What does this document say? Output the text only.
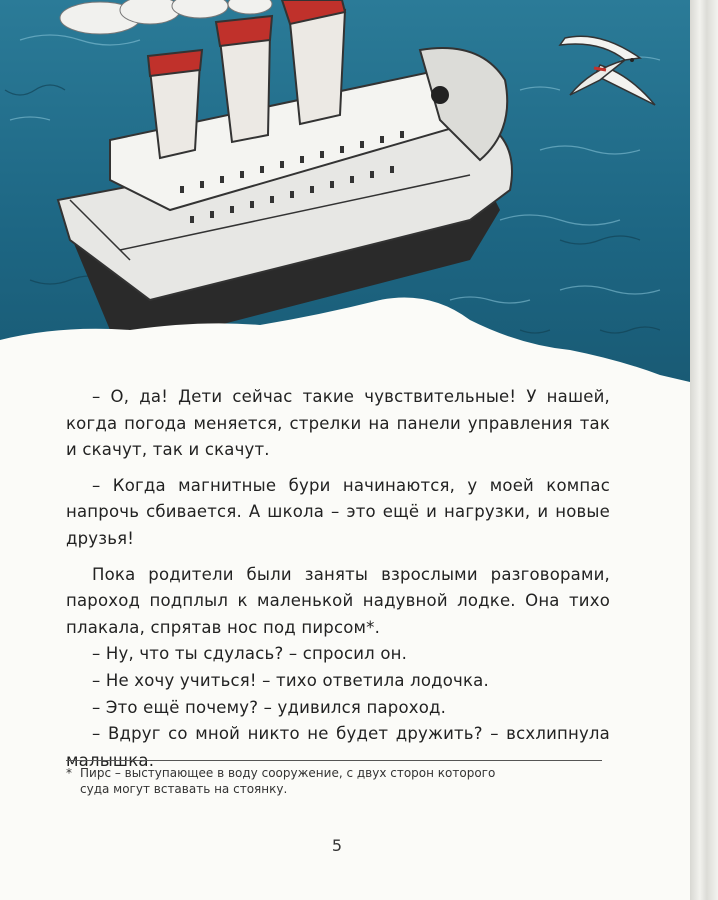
– О, да! Дети сейчас такие чувствительные! У нашей, когда погода меняется, стрелки на панели управления так и скачут, так и скачут.

– Когда магнитные бури начинаются, у моей компас напрочь сбивается. А школа – это ещё и нагрузки, и новые друзья!

Пока родители были заняты взрослыми разговорами, пароход подплыл к маленькой надувной лодке. Она тихо плакала, спрятав нос под пирсом*.

– Ну, что ты сдулась? – спросил он.

– Не хочу учиться! – тихо ответила лодочка.

– Это ещё почему? – удивился пароход.

– Вдруг со мной никто не будет дружить? – всхлипнула малышка.

* Пирс – выступающее в воду сооружение, с двух сторон которого
суда могут вставать на стоянку.
5
